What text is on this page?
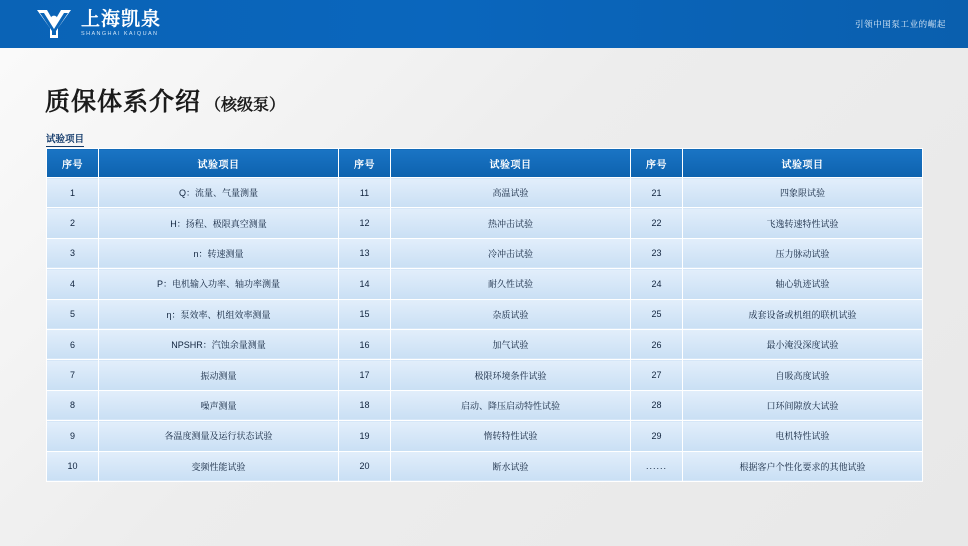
上海凯泉
SHANGHAI KAIQUAN
引领中国泵工业的崛起
质保体系介绍 （核级泵）
试验项目
序号	试验项目	序号	试验项目	序号	试验项目
1	Q：流量、气量测量	11	高温试验	21	四象限试验
2	H：扬程、极限真空测量	12	热冲击试验	22	飞逸转速特性试验
3	n：转速测量	13	冷冲击试验	23	压力脉动试验
4	P：电机输入功率、轴功率测量	14	耐久性试验	24	轴心轨迹试验
5	η：泵效率、机组效率测量	15	杂质试验	25	成套设备或机组的联机试验
6	NPSHR：汽蚀余量测量	16	加气试验	26	最小淹没深度试验
7	振动测量	17	极限环境条件试验	27	自吸高度试验
8	噪声测量	18	启动、降压启动特性试验	28	口环间隙放大试验
9	各温度测量及运行状态试验	19	惰转特性试验	29	电机特性试验
10	变频性能试验	20	断水试验	......	根据客户个性化要求的其他试验
